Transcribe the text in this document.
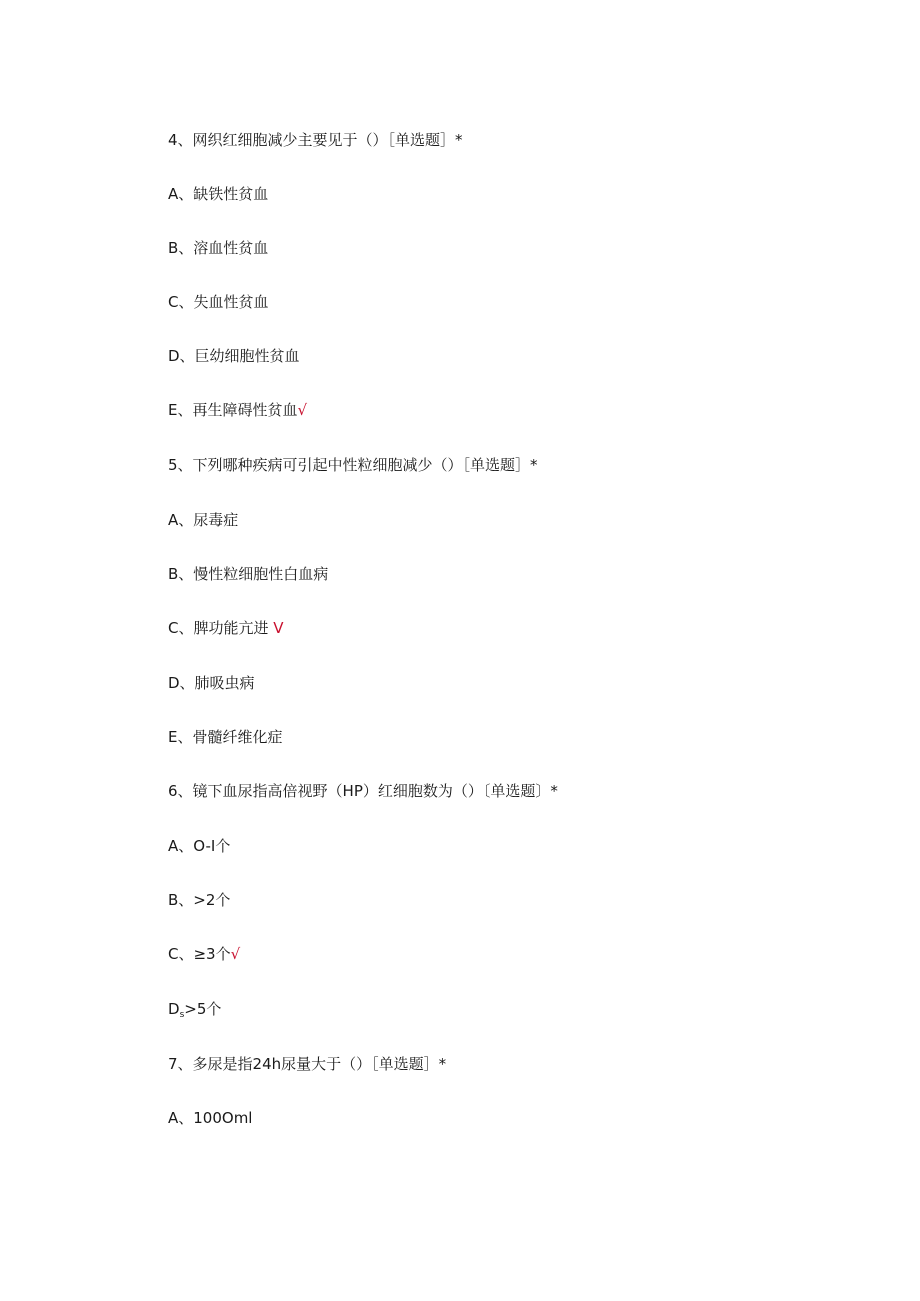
4、网织红细胞减少主要见于（）［单选题］*
A、缺铁性贫血
B、溶血性贫血
C、失血性贫血
D、巨幼细胞性贫血
E、再生障碍性贫血√
5、下列哪种疾病可引起中性粒细胞减少（）［单选题］*
A、尿毒症
B、慢性粒细胞性白血病
C、脾功能亢进 V
D、肺吸虫病
E、骨髓纤维化症
6、镜下血尿指高倍视野（HP）红细胞数为（）〔单选题〕*
A、O-I个
B、>2个
C、≥3个√
$D_s>5$个
7、多尿是指24h尿量大于（）［单选题］*
A、100Oml
